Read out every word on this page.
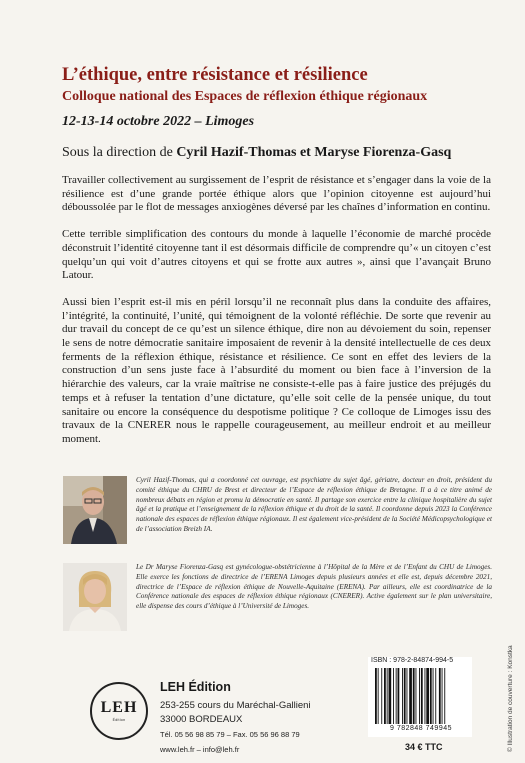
L’éthique, entre résistance et résilience
Colloque national des Espaces de réflexion éthique régionaux
12-13-14 octobre 2022 – Limoges
Sous la direction de Cyril Hazif-Thomas et Maryse Fiorenza-Gasq

Travailler collectivement au surgissement de l’esprit de résistance et s’engager dans la voie de la résilience est d’une grande portée éthique alors que l’opinion citoyenne est aujourd’hui déboussolée par le flot de messages anxiogènes déversé par les chaînes d’information en continu.

Cette terrible simplification des contours du monde à laquelle l’économie de marché procède déconstruit l’identité citoyenne tant il est désormais difficile de comprendre qu’« un citoyen c’est quelqu’un qui voit d’autres citoyens et qui se frotte aux autres », ainsi que l’avançait Bruno Latour.

Aussi bien l’esprit est-il mis en péril lorsqu’il ne reconnaît plus dans la conduite des affaires, l’intégrité, la continuité, l’unité, qui témoignent de la volonté réfléchie. De sorte que revenir au dur travail du concept de ce qu’est un silence éthique, dire non au dévoiement du soin, repenser le sens de notre démocratie sanitaire imposaient de revenir à la densité intellectuelle de ces deux ferments de la réflexion éthique, résistance et résilience. Ce sont en effet des leviers de la construction d’un sens juste face à l’absurdité du moment ou bien face à l’inversion de la hiérarchie des valeurs, car la vraie maîtrise ne consiste-t-elle pas à faire justice des préjugés du temps et à refuser la tentation d’une dictature, qu’elle soit celle de la pensée unique, du tout sanitaire ou encore la conséquence du despotisme politique ? Ce colloque de Limoges issu des travaux de la CNERER nous le rappelle courageusement, au meilleur endroit et au meilleur moment.

Cyril Hazif-Thomas, qui a coordonné cet ouvrage, est psychiatre du sujet âgé, gériatre, docteur en droit, président du comité éthique du CHRU de Brest et directeur de l’Espace de réflexion éthique de Bretagne. Il a à ce titre animé de nombreux débats en région et promu la démocratie en santé. Il partage son exercice entre la clinique hospitalière du sujet âgé et la pratique et l’enseignement de la réflexion éthique et du droit de la santé. Il coordonne depuis 2023 la Conférence nationale des espaces de réflexion éthique régionaux. Il est également vice-président de la Société Médicopsychologique et de l’association Breizh IA.
Le Dr Maryse Fiorenza-Gasq est gynécologue-obstétricienne à l’Hôpital de la Mère et de l’Enfant du CHU de Limoges. Elle exerce les fonctions de directrice de l’ERENA Limoges depuis plusieurs années et elle est, depuis décembre 2021, directrice de l’Espace de réflexion éthique de Nouvelle-Aquitaine (ERENA). Par ailleurs, elle est coordinatrice de la Conférence nationale des espaces de réflexion éthique régionaux (CNERER). Active également sur le plan universitaire, elle dispense des cours d’éthique à l’Université de Limoges.
LEH
Édition
LEH Édition
253-255 cours du Maréchal-Gallieni
33000 BORDEAUX
Tél. 05 56 98 85 79 – Fax. 05 56 96 88 79
www.leh.fr – info@leh.fr
ISBN : 978-2-84874-994-5
9 782848 749945
34 € TTC	© Illustration de couverture : Konstka
